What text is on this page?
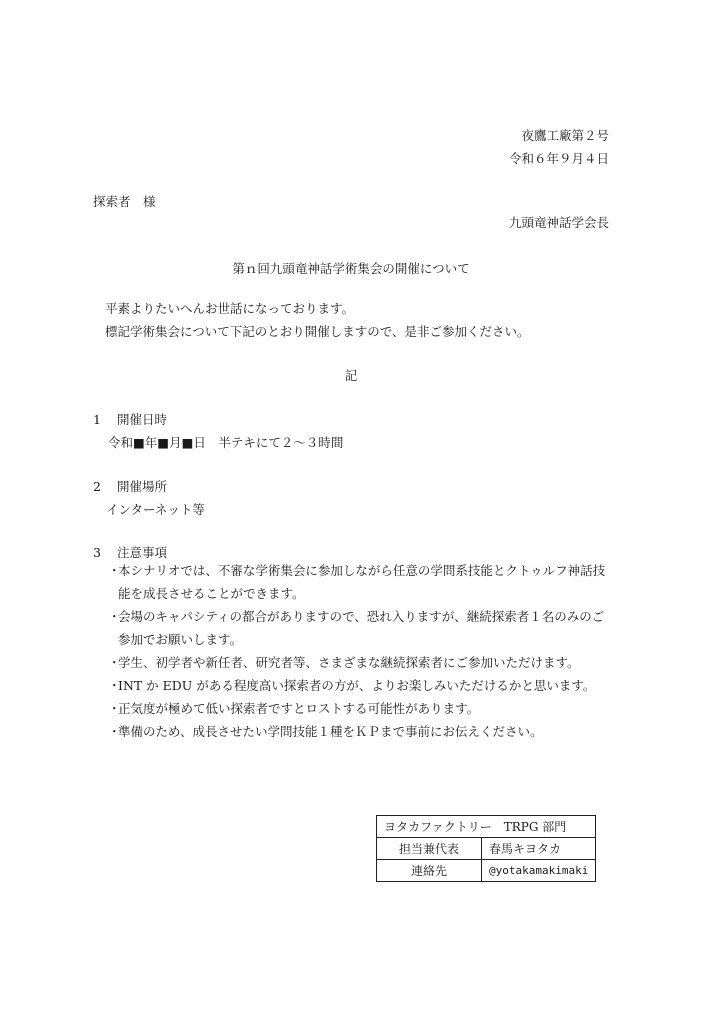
夜鷹工廠第２号
令和６年９月４日
探索者　様
九頭竜神話学会長
第ｎ回九頭竜神話学術集会の開催について
平素よりたいへんお世話になっております。
標記学術集会について下記のとおり開催しますので、是非ご参加ください。
記
1 開催日時
令和■年■月■日　半テキにて２～３時間
2 開催場所
インターネット等
3 注意事項
・
本シナリオでは、不審な学術集会に参加しながら任意の学問系技能とクトゥルフ神話技能を成長させることができます。
・
会場のキャパシティの都合がありますので、恐れ入りますが、継続探索者１名のみのご参加でお願いします。
・
学生、初学者や新任者、研究者等、さまざまな継続探索者にご参加いただけます。
・
INT か EDU がある程度高い探索者の方が、よりお楽しみいただけるかと思います。
・
正気度が極めて低い探索者ですとロストする可能性があります。
・
準備のため、成長させたい学問技能１種をＫＰまで事前にお伝えください。
ヨタカファクトリー　TRPG 部門	
担当兼代表	春馬キヨタカ
連絡先	@yotakamakimaki
